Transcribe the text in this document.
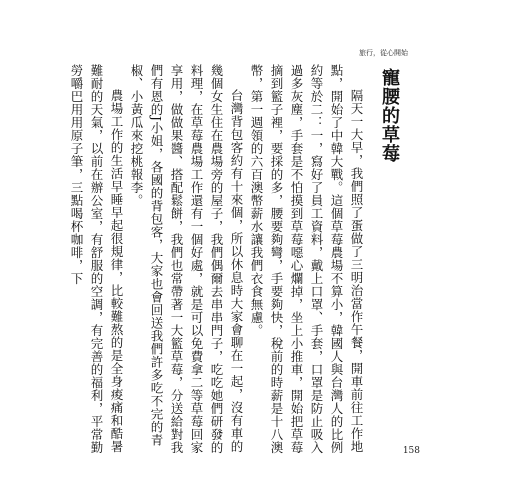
旅行，從心開始
寵腰的草莓

隔天一大早，我們照了蛋做了三明治當作午餐，開車前往工作地點，開始了中韓大戰。這個草莓農場不算小，韓國人與台灣人的比例約等於二：一，寫好了員工資料，戴上口罩、手套，口罩是防止吸入過多灰塵，手套是不怕摸到草莓噁心爛掉，坐上小推車，開始把草莓摘到籃子裡，要採的多，腰要夠彎，手要夠快，稅前的時薪是十八澳幣，第一週領的六百澳幣薪水讓我們衣食無慮。

台灣背包客約有十來個，所以休息時大家會聊在一起，沒有車的幾個女生住在農場旁的屋子，我們偶爾去串串門子，吃吃她們研發的料理，在草莓農場工作還有一個好處，就是可以免費拿二等草莓回家享用，做做果醬、搭配鬆餅，我們也常帶著一大籃草莓，分送給對我們有恩的J小姐，各國的背包客，大家也會回送我們許多吃不完的青椒、小黃瓜來挖桃報李。

農場工作的生活早睡早起很規律，比較難熬的是全身痠痛和酷暑難耐的天氣，以前在辦公室，有舒服的空調，有完善的福利，平常勤勞嚼巴用用原子筆，三點喝杯咖啡，下

158
